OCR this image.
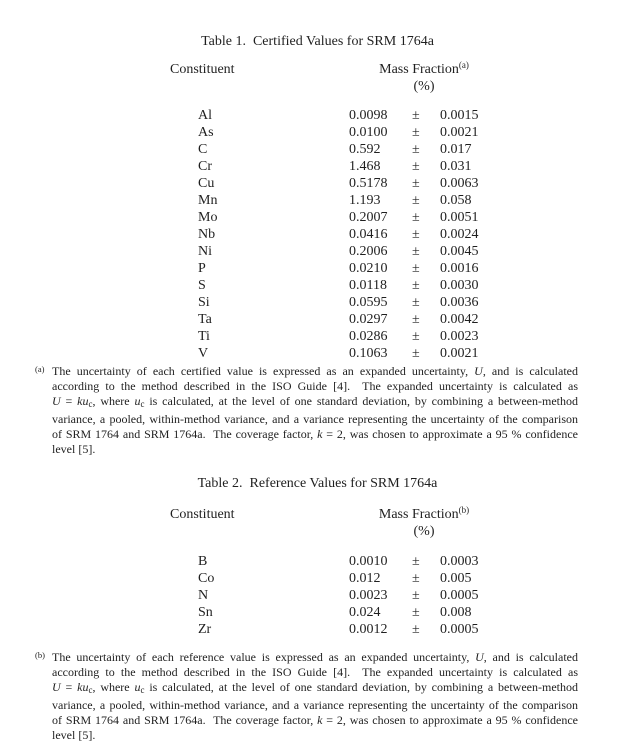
Table 1.  Certified Values for SRM 1764a
Constituent	Mass Fraction$^{(a)}$
(%)
Al	0.0098 ± 0.0015
As	0.0100 ± 0.0021
C	0.592 ± 0.017
Cr	1.468 ± 0.031
Cu	0.5178 ± 0.0063
Mn	1.193 ± 0.058
Mo	0.2007 ± 0.0051
Nb	0.0416 ± 0.0024
Ni	0.2006 ± 0.0045
P	0.0210 ± 0.0016
S	0.0118 ± 0.0030
Si	0.0595 ± 0.0036
Ta	0.0297 ± 0.0042
Ti	0.0286 ± 0.0023
V	0.1063 ± 0.0021
(a) The uncertainty of each certified value is expressed as an expanded uncertainty, U, and is calculated
according to the method described in the ISO Guide [4].  The expanded uncertainty is calculated as
U = kuc, where uc is calculated, at the level of one standard deviation, by combining a between-method
variance, a pooled, within-method variance, and a variance representing the uncertainty of the comparison
of SRM 1764 and SRM 1764a.  The coverage factor, k = 2, was chosen to approximate a 95 % confidence
level [5].
Table 2.  Reference Values for SRM 1764a
Constituent	Mass Fraction$^{(b)}$
(%)
B	0.0010 ± 0.0003
Co	0.012 ± 0.005
N	0.0023 ± 0.0005
Sn	0.024 ± 0.008
Zr	0.0012 ± 0.0005
(b) The uncertainty of each reference value is expressed as an expanded uncertainty, U, and is calculated
according to the method described in the ISO Guide [4].  The expanded uncertainty is calculated as
U = kuc, where uc is calculated, at the level of one standard deviation, by combining a between-method
variance, a pooled, within-method variance, and a variance representing the uncertainty of the comparison
of SRM 1764 and SRM 1764a.  The coverage factor, k = 2, was chosen to approximate a 95 % confidence
level [5].
